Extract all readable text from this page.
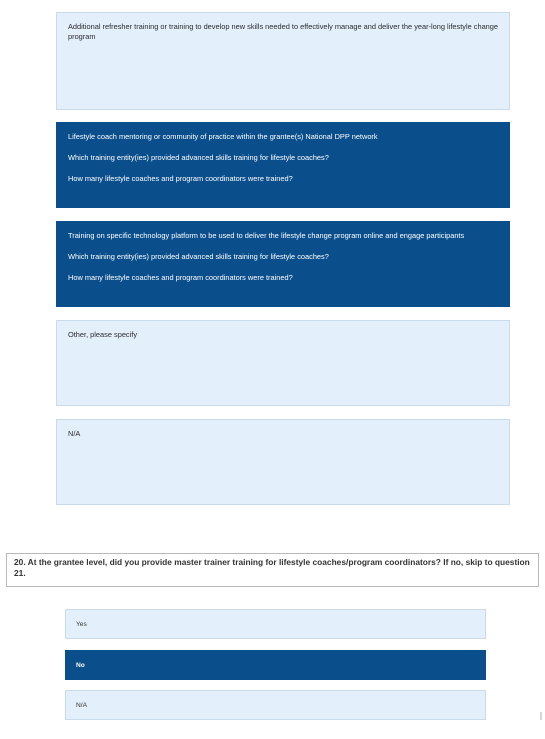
Additional refresher training or training to develop new skills needed to effectively manage and deliver the year-long lifestyle change program
Lifestyle coach mentoring or community of practice within the grantee(s) National DPP network
Which training entity(ies) provided advanced skills training for lifestyle coaches?
How many lifestyle coaches and program coordinators were trained?
Training on specific technology platform to be used to deliver the lifestyle change program online and engage participants
Which training entity(ies) provided advanced skills training for lifestyle coaches?
How many lifestyle coaches and program coordinators were trained?
Other, please specify
N/A
20. At the grantee level, did you provide master trainer training for lifestyle coaches/program coordinators? If no, skip to question 21.
Yes
No
N/A
